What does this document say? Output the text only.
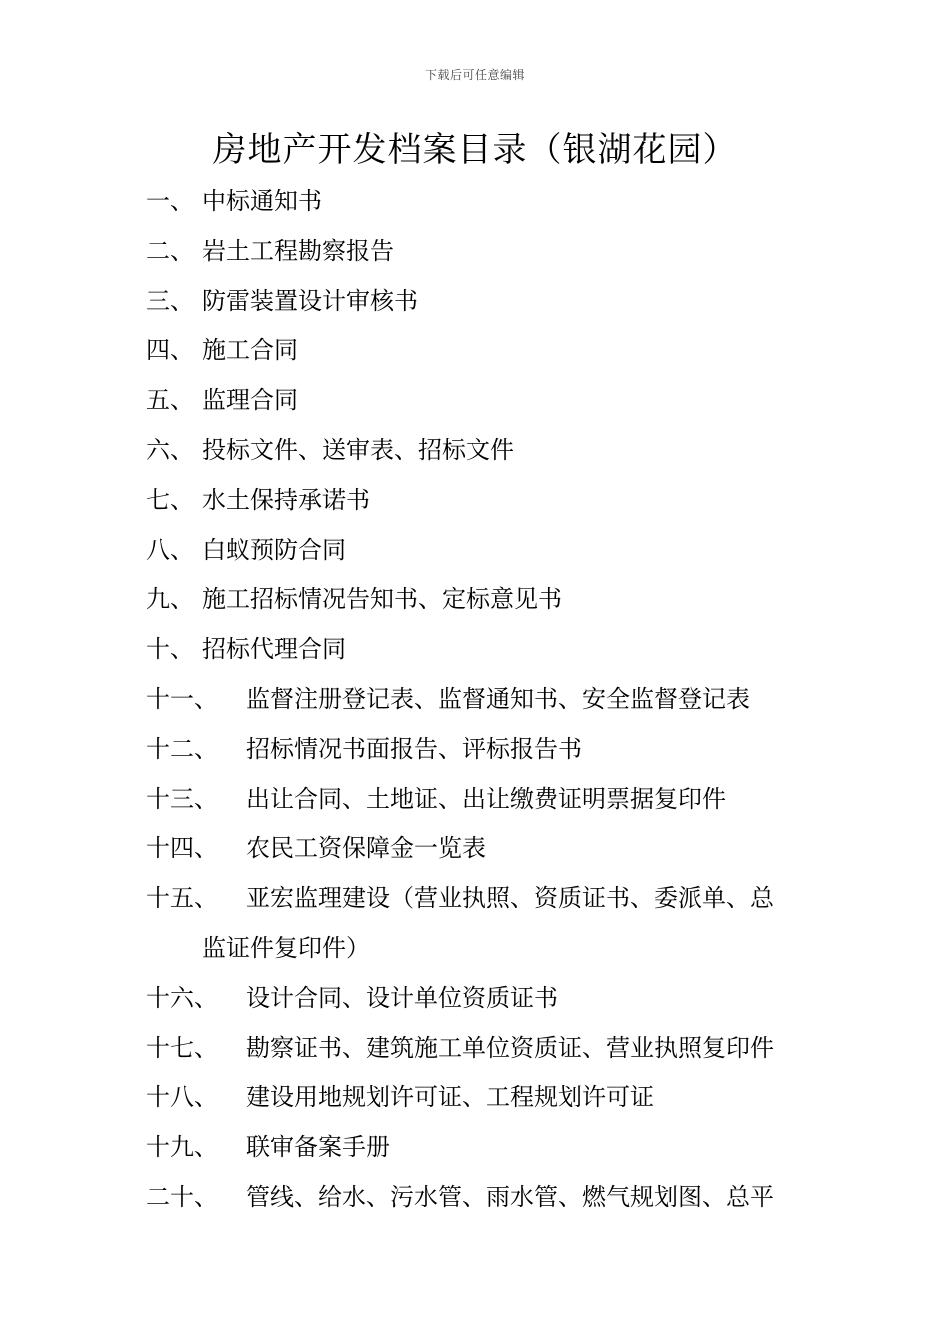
下载后可任意编辑
房地产开发档案目录（银湖花园）
一、 中标通知书
二、 岩土工程勘察报告
三、 防雷装置设计审核书
四、 施工合同
五、 监理合同
六、 投标文件、送审表、招标文件
七、 水土保持承诺书
八、 白蚁预防合同
九、 施工招标情况告知书、定标意见书
十、 招标代理合同
十一、 监督注册登记表、监督通知书、安全监督登记表
十二、 招标情况书面报告、评标报告书
十三、 出让合同、土地证、出让缴费证明票据复印件
十四、 农民工资保障金一览表
十五、 亚宏监理建设（营业执照、资质证书、委派单、总
监证件复印件）
十六、 设计合同、设计单位资质证书
十七、 勘察证书、建筑施工单位资质证、营业执照复印件
十八、 建设用地规划许可证、工程规划许可证
十九、 联审备案手册
二十、 管线、给水、污水管、雨水管、燃气规划图、总平
